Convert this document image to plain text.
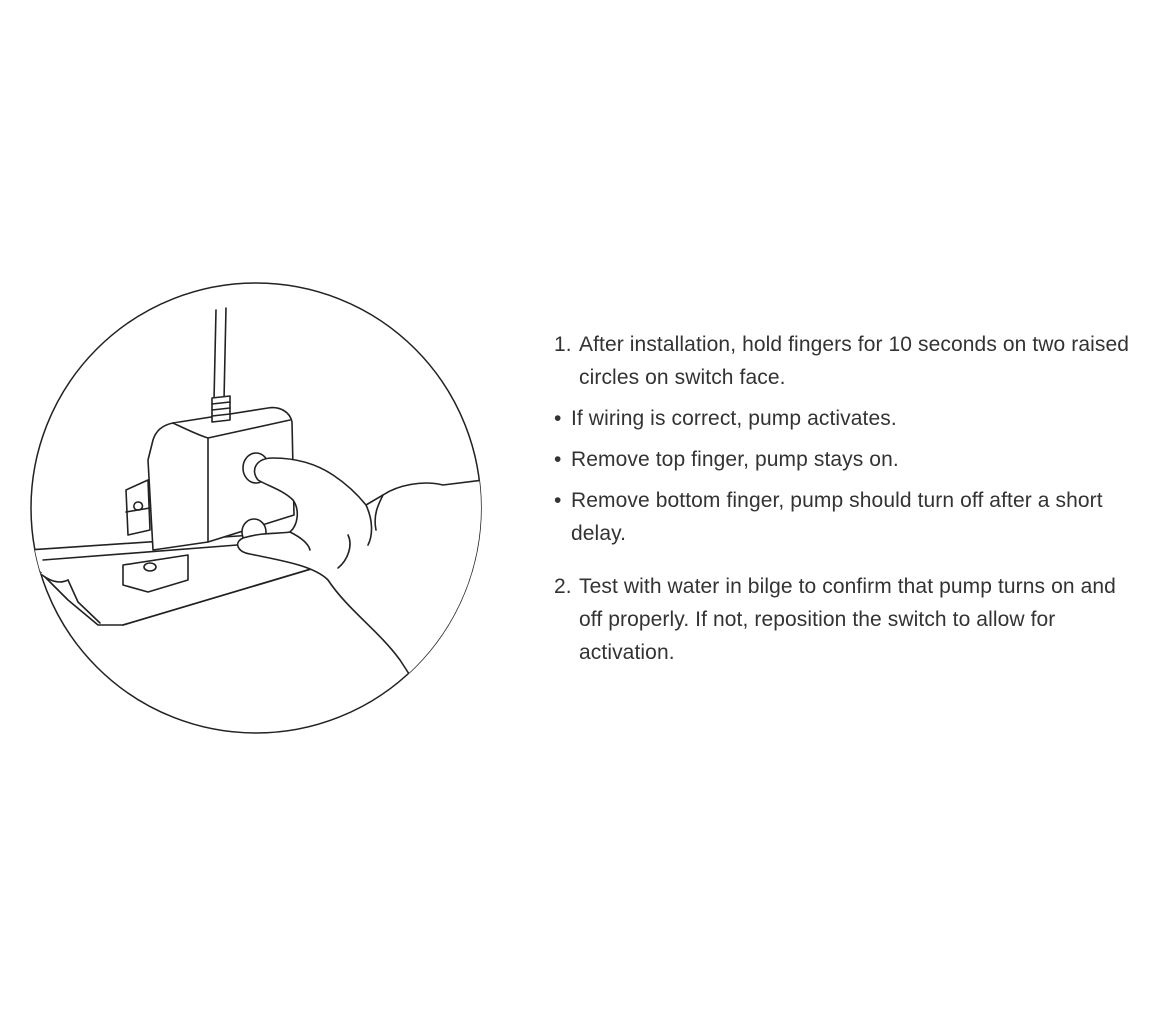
1. After installation, hold fingers for 10 seconds on two raised circles on switch face.
• If wiring is correct, pump activates.
• Remove top finger, pump stays on.
• Remove bottom finger, pump should turn off after a short delay.
2. Test with water in bilge to confirm that pump turns on and off properly. If not, reposition the switch to allow for activation.
